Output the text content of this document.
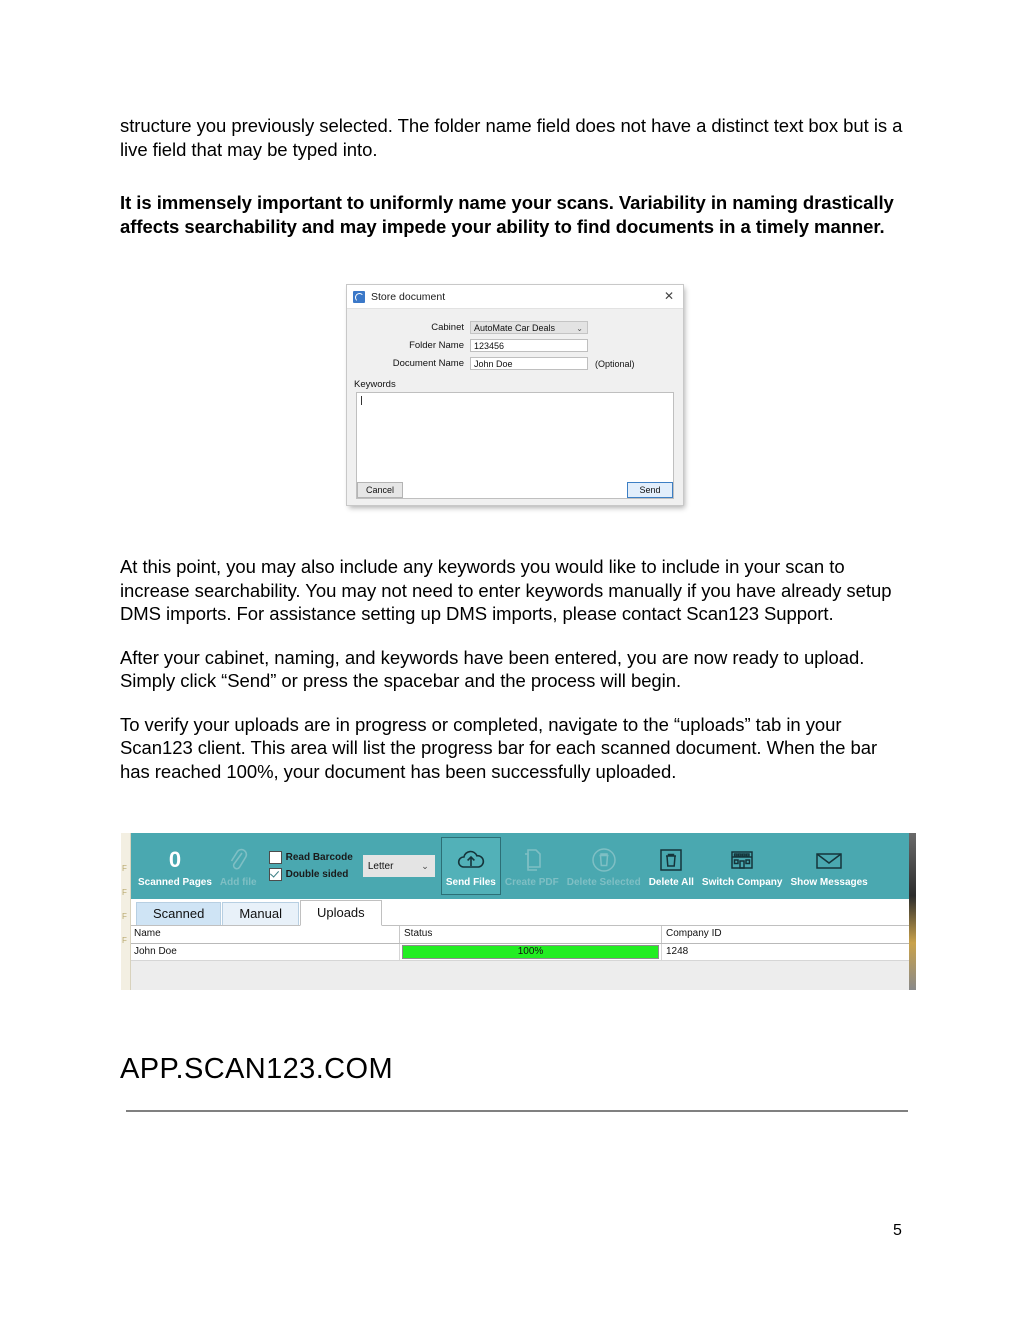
structure you previously selected. The folder name field does not have a distinct text box but is a live field that may be typed into.

It is immensely important to uniformly name your scans. Variability in naming drastically affects searchability and may impede your ability to find documents in a timely manner.

Store document	✕
Cabinet	AutoMate Car Deals	⌄
Folder Name	123456
Document Name	John Doe	(Optional)
Keywords
Cancel	Send

At this point, you may also include any keywords you would like to include in your scan to increase searchability. You may not need to enter keywords manually if you have already setup DMS imports. For assistance setting up DMS imports, please contact Scan123 Support.

After your cabinet, naming, and keywords have been entered, you are now ready to upload. Simply click “Send” or press the spacebar and the process will begin.

To verify your uploads are in progress or completed, navigate to the “uploads” tab in your Scan123 client. This area will list the progress bar for each scanned document. When the bar has reached 100%, your document has been successfully uploaded.

F
F
F
F
0
Scanned Pages Add file
Read Barcode
Double sided
Letter	⌄
Send Files Create PDF Delete Selected Delete All Switch Company Show Messages
Scanned	Manual	Uploads
Name	Status	Company ID
John Doe	100%	1248
APP.SCAN123.COM
5
